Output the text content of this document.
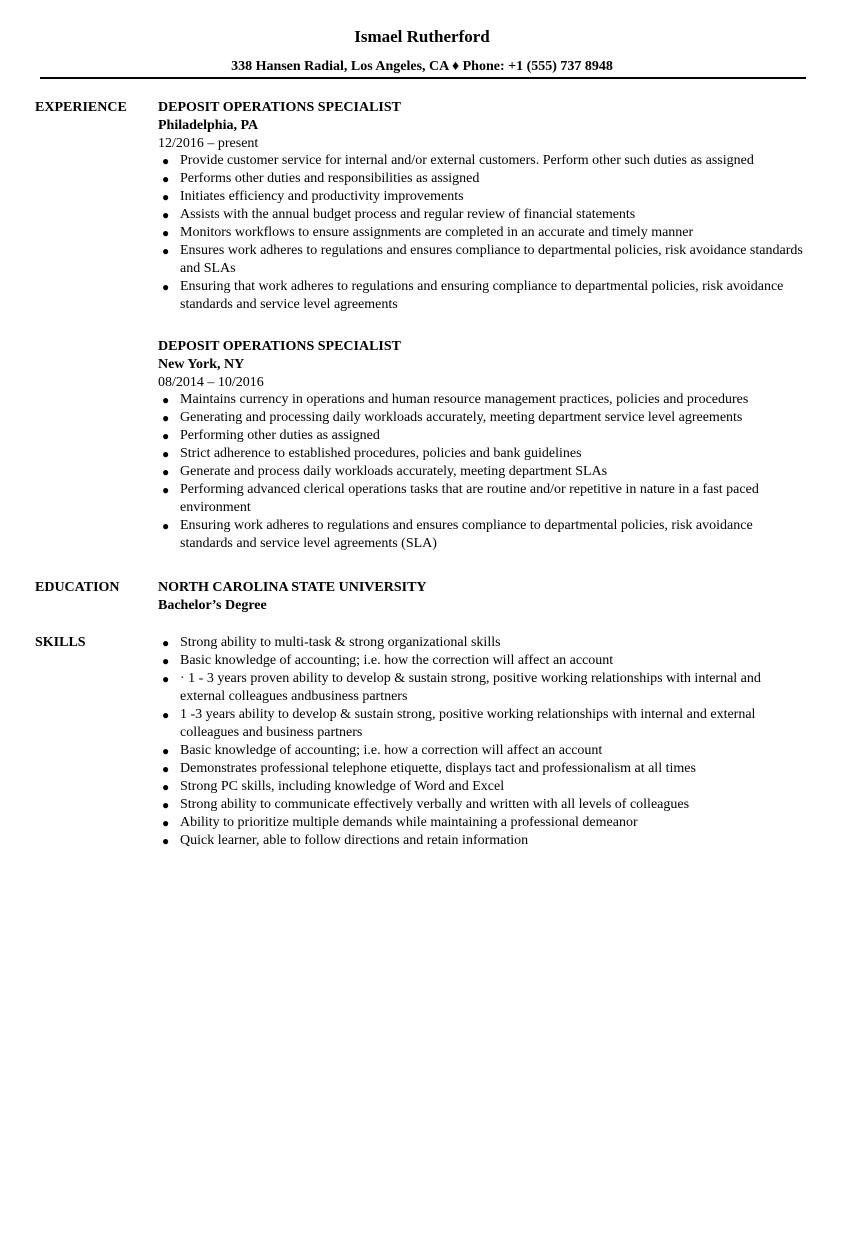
Ismael Rutherford
338 Hansen Radial, Los Angeles, CA ♦ Phone: +1 (555) 737 8948
EXPERIENCE DEPOSIT OPERATIONS SPECIALIST
Philadelphia, PA
12/2016 – present
● Provide customer service for internal and/or external customers. Perform other such duties as assigned
● Performs other duties and responsibilities as assigned
● Initiates efficiency and productivity improvements
● Assists with the annual budget process and regular review of financial statements
● Monitors workflows to ensure assignments are completed in an accurate and timely manner
● Ensures work adheres to regulations and ensures compliance to departmental policies, risk avoidance standards and SLAs
● Ensuring that work adheres to regulations and ensuring compliance to departmental policies, risk avoidance standards and service level agreements
DEPOSIT OPERATIONS SPECIALIST
New York, NY
08/2014 – 10/2016
● Maintains currency in operations and human resource management practices, policies and procedures
● Generating and processing daily workloads accurately, meeting department service level agreements
● Performing other duties as assigned
● Strict adherence to established procedures, policies and bank guidelines
● Generate and process daily workloads accurately, meeting department SLAs
● Performing advanced clerical operations tasks that are routine and/or repetitive in nature in a fast paced environment
● Ensuring work adheres to regulations and ensures compliance to departmental policies, risk avoidance standards and service level agreements (SLA)
EDUCATION	NORTH CAROLINA STATE UNIVERSITY
Bachelor’s Degree
SKILLS	● Strong ability to multi-task & strong organizational skills
● Basic knowledge of accounting; i.e. how the correction will affect an account
● · 1 - 3 years proven ability to develop & sustain strong, positive working relationships with internal and external colleagues andbusiness partners
● 1 -3 years ability to develop & sustain strong, positive working relationships with internal and external colleagues and business partners
● Basic knowledge of accounting; i.e. how a correction will affect an account
● Demonstrates professional telephone etiquette, displays tact and professionalism at all times
● Strong PC skills, including knowledge of Word and Excel
● Strong ability to communicate effectively verbally and written with all levels of colleagues
● Ability to prioritize multiple demands while maintaining a professional demeanor
● Quick learner, able to follow directions and retain information
